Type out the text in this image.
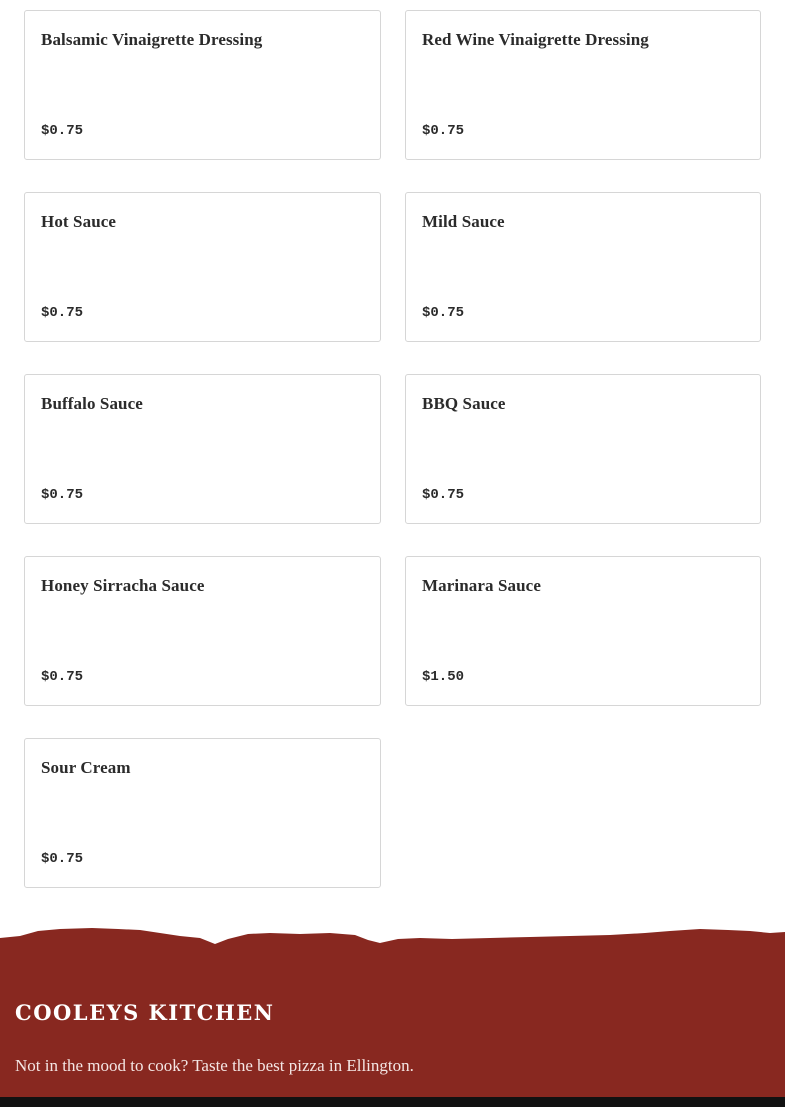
Balsamic Vinaigrette Dressing
$0.75
Red Wine Vinaigrette Dressing
$0.75
Hot Sauce
$0.75
Mild Sauce
$0.75
Buffalo Sauce
$0.75
BBQ Sauce
$0.75
Honey Sirracha Sauce
$0.75
Marinara Sauce
$1.50
Sour Cream
$0.75
COOLEYS KITCHEN
Not in the mood to cook? Taste the best pizza in Ellington.
